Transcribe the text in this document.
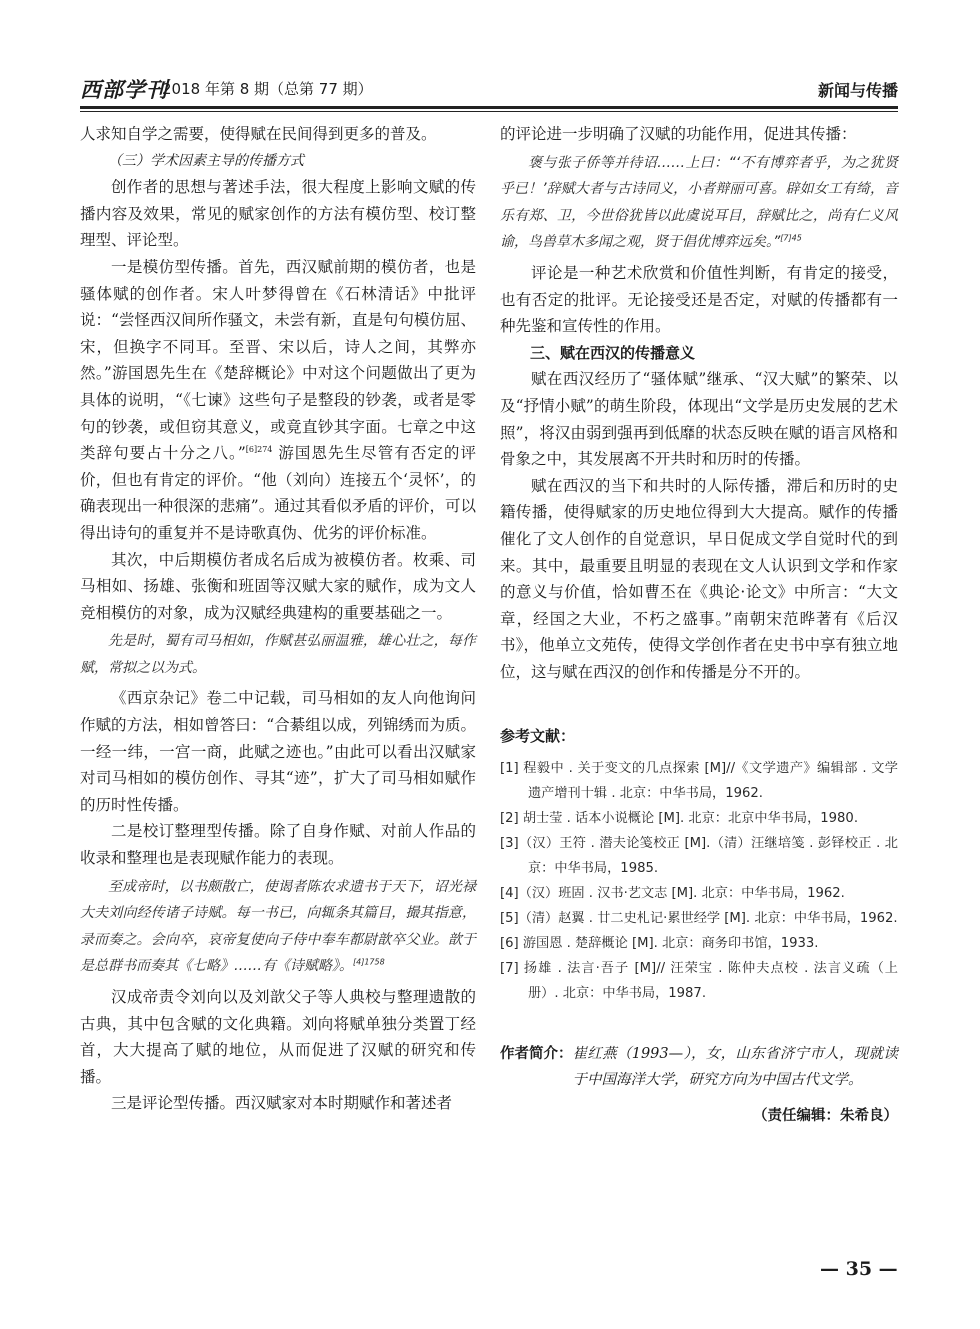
西部学刊
2018 年第 8 期（总第 77 期）	新闻与传播

人求知自学之需要，使得赋在民间得到更多的普及。

（三）学术因素主导的传播方式

创作者的思想与著述手法，很大程度上影响文赋的传播内容及效果，常见的赋家创作的方法有模仿型、校订整理型、评论型。

一是模仿型传播。首先，西汉赋前期的模仿者，也是骚体赋的创作者。宋人叶梦得曾在《石林清话》中批评说：“尝怪西汉间所作骚文，未尝有新，直是句句模仿屈、宋，但换字不同耳。至晋、宋以后，诗人之间，其弊亦然。”游国恩先生在《楚辞概论》中对这个问题做出了更为具体的说明，“《七谏》这些句子是整段的钞袭，或者是零句的钞袭，或但窃其意义，或竟直钞其字面。七章之中这类辞句要占十分之八。”$^{[6]274}$ 游国恩先生尽管有否定的评价，但也有肯定的评价。“他（刘向）连接五个‘灵怀’，的确表现出一种很深的悲痛”。通过其看似矛盾的评价，可以得出诗句的重复并不是诗歌真伪、优劣的评价标准。

其次，中后期模仿者成名后成为被模仿者。枚乘、司马相如、扬雄、张衡和班固等汉赋大家的赋作，成为文人竞相模仿的对象，成为汉赋经典建构的重要基础之一。

先是时，蜀有司马相如，作赋甚弘丽温雅，雄心壮之，每作赋，常拟之以为式。

《西京杂记》卷二中记载，司马相如的友人向他询问作赋的方法，相如曾答曰：“合綦组以成，列锦绣而为质。一经一纬，一宫一商，此赋之迹也。”由此可以看出汉赋家对司马相如的模仿创作、寻其“迹”，扩大了司马相如赋作的历时性传播。

二是校订整理型传播。除了自身作赋、对前人作品的收录和整理也是表现赋作能力的表现。

至成帝时，以书颇散亡，使谒者陈农求遗书于天下，诏光禄大夫刘向经传诸子诗赋。每一书已，向辄条其篇目，撮其指意，录而奏之。会向卒，哀帝复使向子侍中奉车都尉歆卒父业。歆于是总群书而奏其《七略》……有《诗赋略》。$^{[4]1758}$

汉成帝责令刘向以及刘歆父子等人典校与整理遗散的古典，其中包含赋的文化典籍。刘向将赋单独分类置丁经首，大大提高了赋的地位，从而促进了汉赋的研究和传播。

三是评论型传播。西汉赋家对本时期赋作和著述者

的评论进一步明确了汉赋的功能作用，促进其传播：

褒与张子侨等并待诏……上曰：“‘不有博弈者乎，为之犹贤乎已！’辞赋大者与古诗同义，小者辩丽可喜。辟如女工有绮，音乐有郑、卫，今世俗犹皆以此虞说耳目，辞赋比之，尚有仁义风谕，鸟兽草木多闻之观，贤于倡优博弈远矣。”$^{[7]45}$

评论是一种艺术欣赏和价值性判断，有肯定的接受，也有否定的批评。无论接受还是否定，对赋的传播都有一种先鉴和宣传性的作用。

三、赋在西汉的传播意义

赋在西汉经历了“骚体赋”继承、“汉大赋”的繁荣、以及“抒情小赋”的萌生阶段，体现出“文学是历史发展的艺术照”，将汉由弱到强再到低靡的状态反映在赋的语言风格和骨象之中，其发展离不开共时和历时的传播。

赋在西汉的当下和共时的人际传播，滞后和历时的史籍传播，使得赋家的历史地位得到大大提高。赋作的传播催化了文人创作的自觉意识，早日促成文学自觉时代的到来。其中，最重要且明显的表现在文人认识到文学和作家的意义与价值，恰如曹丕在《典论·论文》中所言：“大文章，经国之大业，不朽之盛事。”南朝宋范晔著有《后汉书》，他单立文苑传，使得文学创作者在史书中享有独立地位，这与赋在西汉的创作和传播是分不开的。

参考文献：
[1] 程毅中 . 关于变文的几点探索 [M]//《文学遗产》编辑部 . 文学遗产增刊十辑 . 北京：中华书局，1962.
[2] 胡士莹 . 话本小说概论 [M]. 北京：北京中华书局，1980.
[3]（汉）王符 . 潜夫论笺校正 [M].（清）汪继培笺 . 彭铎校正 . 北京：中华书局，1985.
[4]（汉）班固 . 汉书·艺文志 [M]. 北京：中华书局，1962.
[5]（清）赵翼 . 廿二史札记·累世经学 [M]. 北京：中华书局，1962.
[6] 游国恩 . 楚辞概论 [M]. 北京：商务印书馆，1933.
[7] 扬雄 . 法言·吾子 [M]// 汪荣宝 . 陈仲夫点校 . 法言义疏（上册）. 北京：中华书局，1987.
作者简介： 崔红燕（1993—），女，山东省济宁市人，现就读于中国海洋大学，研究方向为中国古代文学。
（责任编辑：朱希良）
— 35 —
